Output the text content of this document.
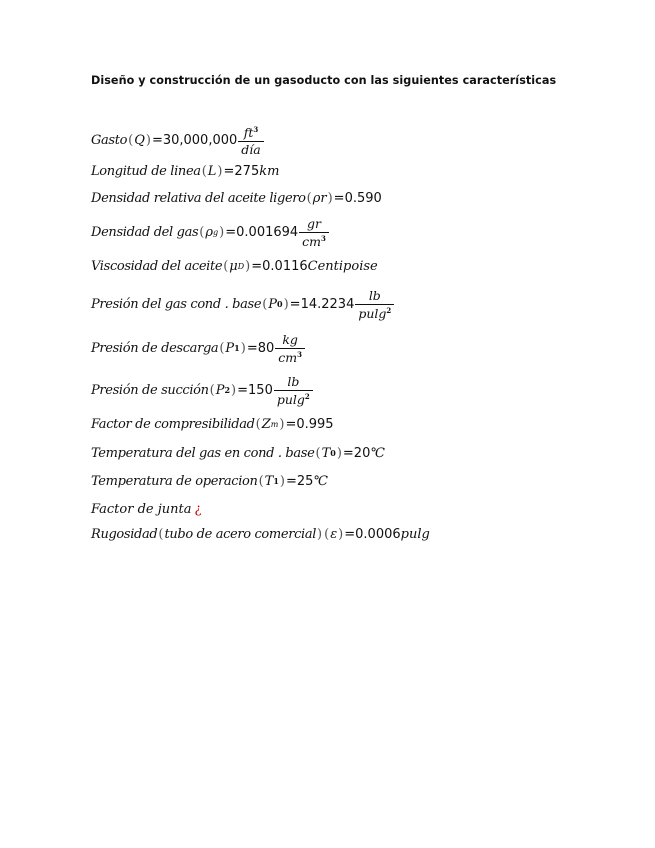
Diseño y construcción de un gasoducto con las siguientes características
Gasto ( Q ) = $30,000,000 \frac{ft^3}{\text{día}}$
Longitud de linea ( L ) = 275 km
Densidad relativa del aceite ligero ( ρr ) = 0.590
Densidad del gas ( ρ g ) = $0.001694 \frac{gr}{cm^3}$
Viscosidad del aceite ( μ D ) = 0.0116 Centipoise
Presión del gas cond . base ( P 0 ) = $14.2234 \frac{lb}{pulg^2}$
Presión de descarga ( P 1 ) = $80 \frac{kg}{cm^3}$
Presión de succión ( P 2 ) = $150 \frac{lb}{pulg^2}$
Factor de compresibilidad ( Z m ) = 0.995
Temperatura del gas en cond . base ( T 0 ) = 20 ℃
Temperatura de operacion ( T 1 ) = 25 ℃
Factor de junta ¿
Rugosidad ( tubo de acero comercial ) ( ε ) = 0.0006 pulg
